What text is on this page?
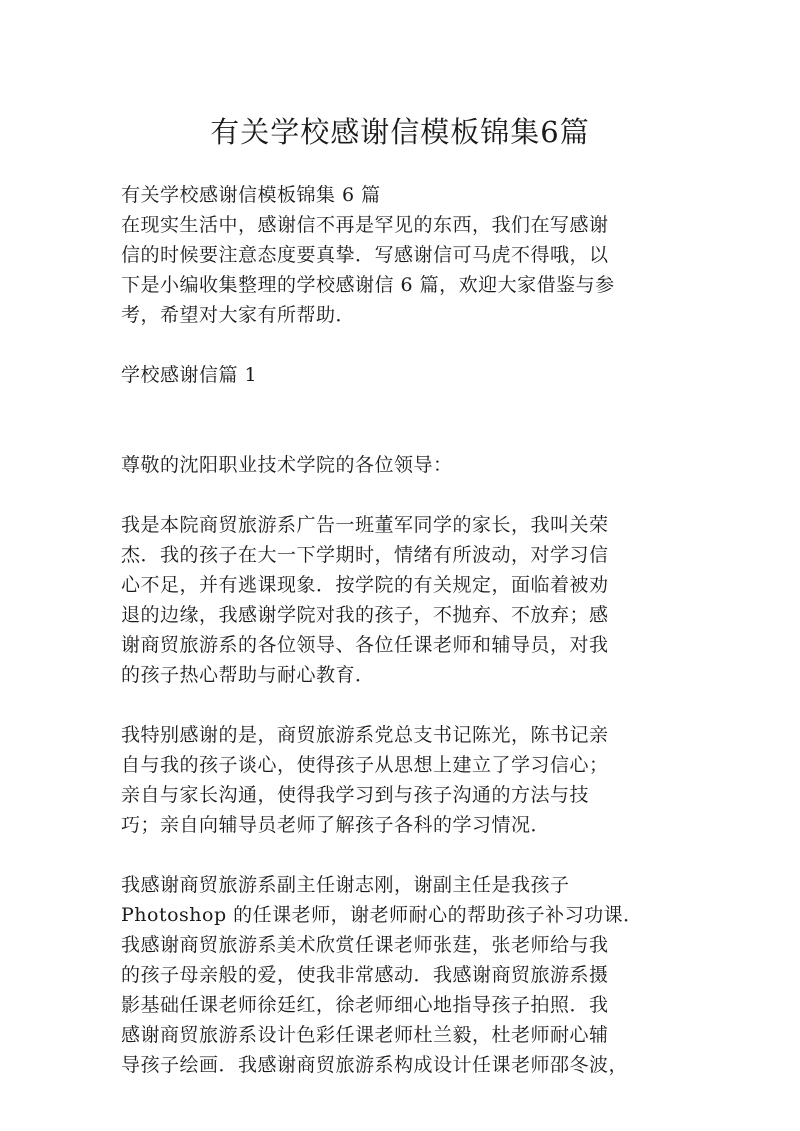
有关学校感谢信模板锦集6篇
有关学校感谢信模板锦集 6 篇
在现实生活中，感谢信不再是罕见的东西，我们在写感谢
信的时候要注意态度要真挚．写感谢信可马虎不得哦，以
下是小编收集整理的学校感谢信 6 篇，欢迎大家借鉴与参
考，希望对大家有所帮助．
学校感谢信篇 1
尊敬的沈阳职业技术学院的各位领导：
我是本院商贸旅游系广告一班董军同学的家长，我叫关荣
杰．我的孩子在大一下学期时，情绪有所波动，对学习信
心不足，并有逃课现象．按学院的有关规定，面临着被劝
退的边缘，我感谢学院对我的孩子，不抛弃、不放弃；感
谢商贸旅游系的各位领导、各位任课老师和辅导员，对我
的孩子热心帮助与耐心教育．
我特别感谢的是，商贸旅游系党总支书记陈光，陈书记亲
自与我的孩子谈心，使得孩子从思想上建立了学习信心；
亲自与家长沟通，使得我学习到与孩子沟通的方法与技
巧；亲自向辅导员老师了解孩子各科的学习情况．
我感谢商贸旅游系副主任谢志刚，谢副主任是我孩子
Photoshop 的任课老师，谢老师耐心的帮助孩子补习功课．
我感谢商贸旅游系美术欣赏任课老师张莛，张老师给与我
的孩子母亲般的爱，使我非常感动．我感谢商贸旅游系摄
影基础任课老师徐廷红，徐老师细心地指导孩子拍照．我
感谢商贸旅游系设计色彩任课老师杜兰毅，杜老师耐心辅
导孩子绘画．我感谢商贸旅游系构成设计任课老师邵冬波，
